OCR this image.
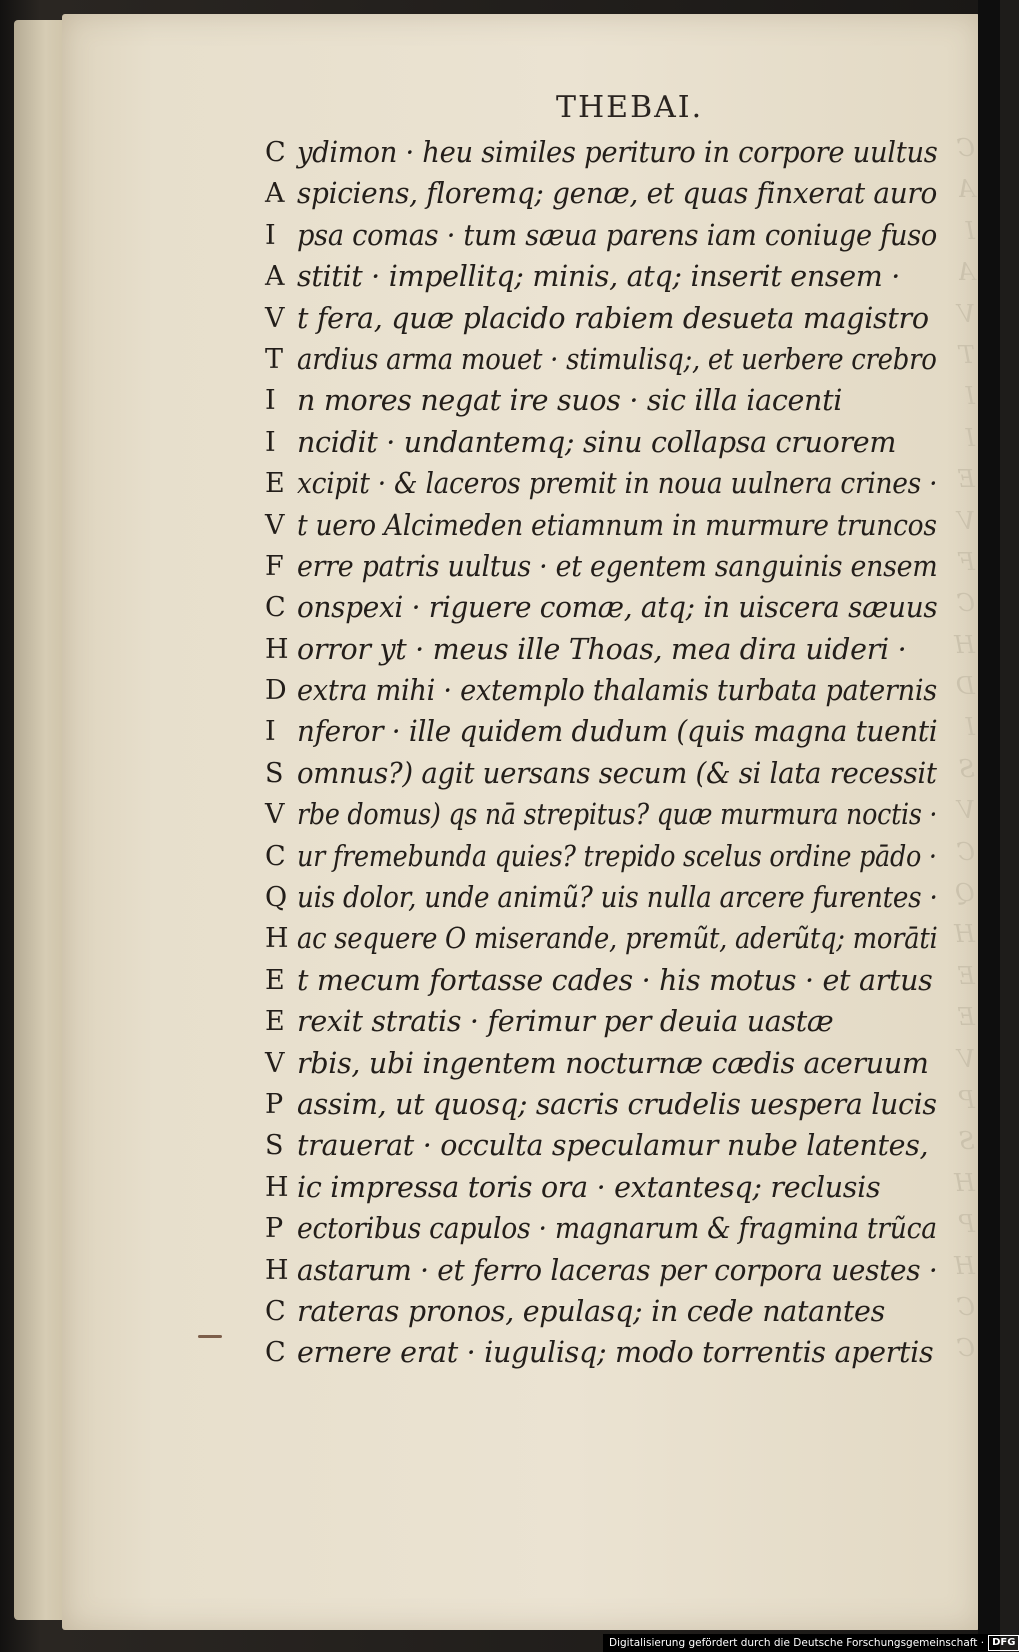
C
A
I
A
V
T
I
I
E
V
F
C
H
D
I
S
V
C
Q
H
E
E
V
P
S
H
P
H
C
C
THEBAI.
C ydimon · heu similes perituro in corpore uultus
A spiciens, floremq; genæ, et quas finxerat auro
I psa comas · tum sæua parens iam coniuge fuso
A stitit · impellitq; minis, atq; inserit ensem ·
V t fera, quæ placido rabiem desueta magistro
T ardius arma mouet · stimulisq;, et uerbere crebro
I n mores negat ire suos · sic illa iacenti
I ncidit · undantemq; sinu collapsa cruorem
E xcipit · & laceros premit in noua uulnera crines ·
V t uero Alcimeden etiamnum in murmure truncos
F erre patris uultus · et egentem sanguinis ensem
C onspexi · riguere comæ, atq; in uiscera sæuus
H orror yt · meus ille Thoas, mea dira uideri ·
D extra mihi · extemplo thalamis turbata paternis
I nferor · ille quidem dudum (quis magna tuenti
S omnus?) agit uersans secum (& si lata recessit
V rbe domus) qs nā strepitus? quæ murmura noctis ·
C ur fremebunda quies? trepido scelus ordine pādo ·
Q uis dolor, unde animũ? uis nulla arcere furentes ·
H ac sequere O miserande, premũt, aderũtq; morāti
E t mecum fortasse cades · his motus · et artus
E rexit stratis · ferimur per deuia uastæ
V rbis, ubi ingentem nocturnæ cædis aceruum
P assim, ut quosq; sacris crudelis uespera lucis
S trauerat · occulta speculamur nube latentes,
H ic impressa toris ora · extantesq; reclusis
P ectoribus capulos · magnarum & fragmina trũca
H astarum · et ferro laceras per corpora uestes ·
C rateras pronos, epulasq; in cede natantes
C ernere erat · iugulisq; modo torrentis apertis
Digitalisierung gefördert durch die Deutsche Forschungsgemeinschaft · DFG
